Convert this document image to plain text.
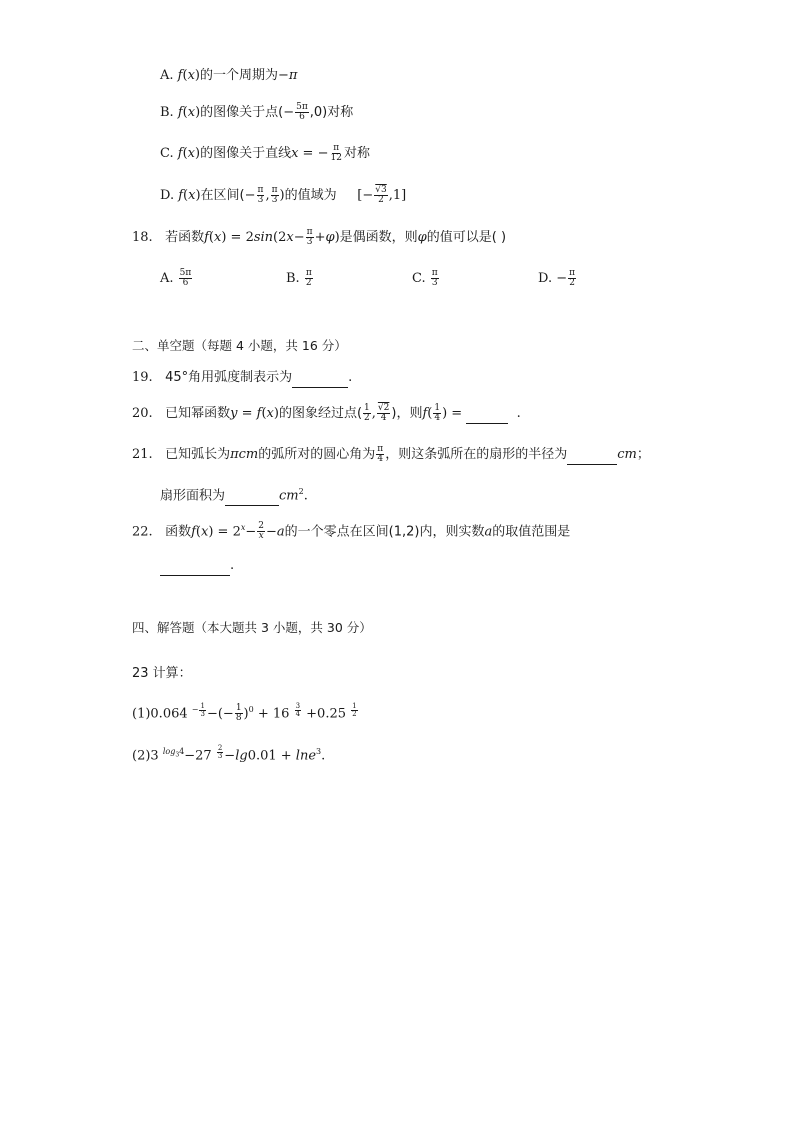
A. f(x)的一个周期为−π
B. f(x)的图像关于点(− $\frac{5\pi}{6} ,0$)对称
C. f(x)的图像关于直线x = − $\frac{\pi}{12}$ 对称
D. f(x)在区间(− $\frac{\pi}{3}$ , $\frac{\pi}{3}$ )的值域为     [− $\frac{√3}{2} ,1$]
18. 若函数$f(x) = 2\sin(2x- \frac{\pi}{3} +\varphi)$是偶函数，则φ的值可以是( )
A. $\frac{5\pi}{6}$	B. $\frac{\pi}{2}$	C. $\frac{\pi}{3}$	D. − $\frac{\pi}{2}$
二、单空题（每题 4 小题，共 16 分）
19. 45°角用弧度制表示为	.
20. 已知幂函数y = f(x)的图象经过点( $\frac{1}{2}$ , $\frac{√2}{4}$ )，则$f( \frac{1}{4}$ ) =	.
21. 已知弧长为πcm的弧所对的圆心角为 $\frac{\pi}{4}$ ，则这条弧所在的扇形的半径为	cm；
扇形面积为	$cm^2$.
22. 函数$f(x) = 2^x- \frac{2}{x} -a$的一个零点在区间(1,2)内，则实数a的取值范围是
.
四、解答题（本大题共 3 小题，共 30 分）
23 计算：
(1)0.064 $^{- \frac{1}{3}}$ −(− $\frac{1}{8} )^0 + 16$ $^{\frac{3}{4}}$ +0.25 $^{\frac{1}{2}}$
(2)3 $^{log_34}$−27 $^{\frac{2}{3}}$ −lg0.01 + lne$^3$.
